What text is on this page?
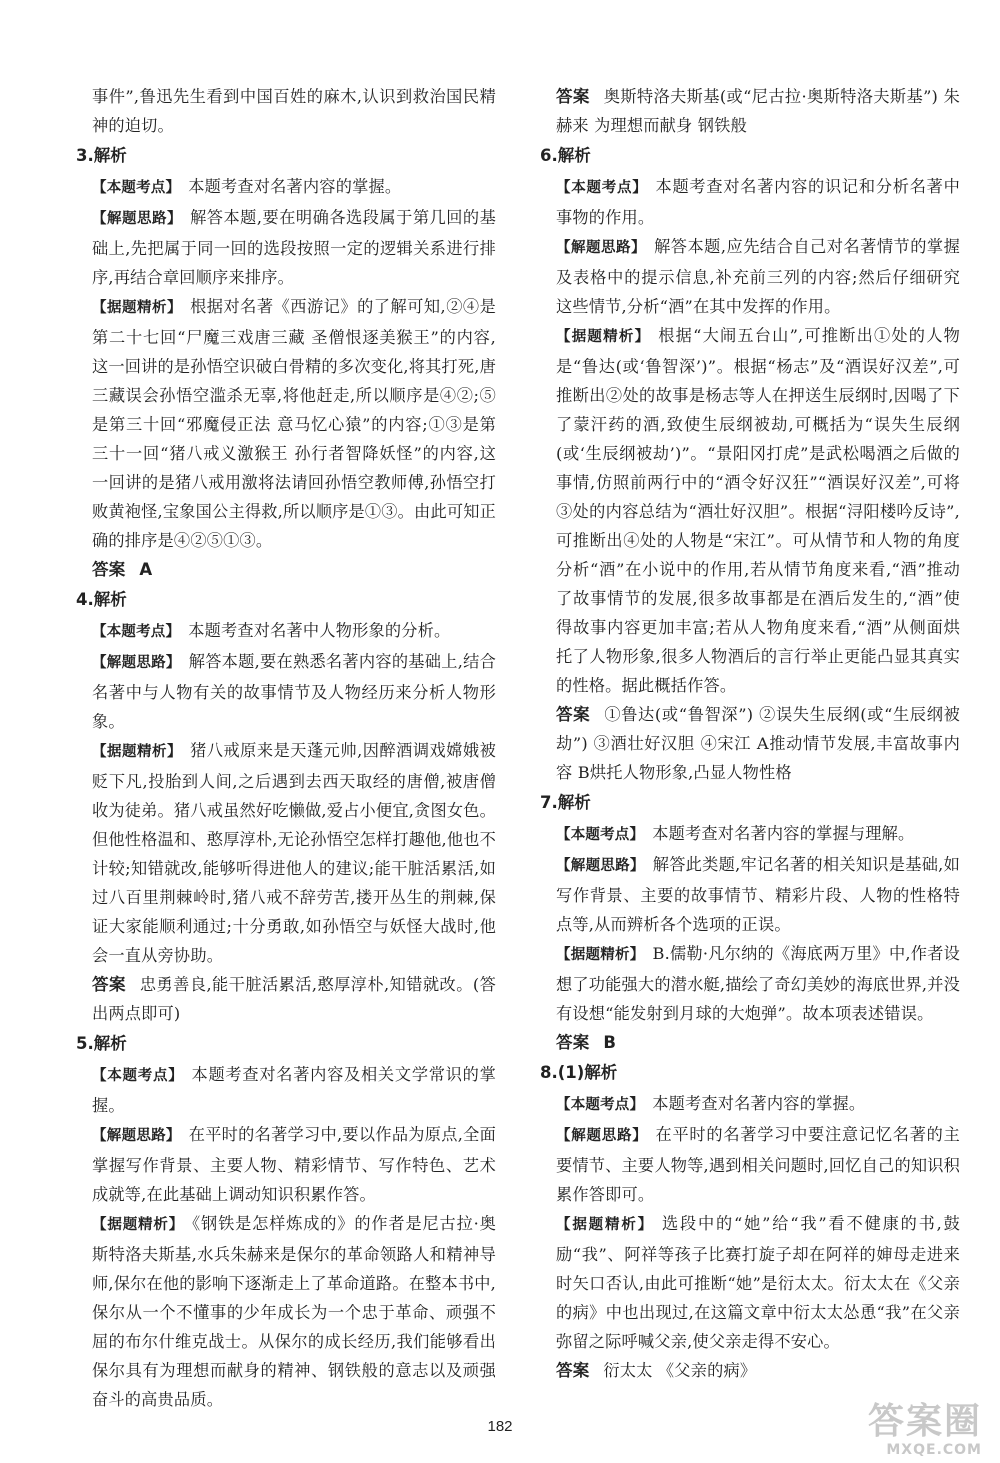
事件”,鲁迅先生看到中国百姓的麻木,认识到救治国民精神的迫切。

3.解析

【本题考点】 本题考查对名著内容的掌握。

【解题思路】 解答本题,要在明确各选段属于第几回的基础上,先把属于同一回的选段按照一定的逻辑关系进行排序,再结合章回顺序来排序。

【据题精析】 根据对名著《西游记》的了解可知,②④是第二十七回“尸魔三戏唐三藏 圣僧恨逐美猴王”的内容,这一回讲的是孙悟空识破白骨精的多次变化,将其打死,唐三藏误会孙悟空滥杀无辜,将他赶走,所以顺序是④②;⑤是第三十回“邪魔侵正法 意马忆心猿”的内容;①③是第三十一回“猪八戒义激猴王 孙行者智降妖怪”的内容,这一回讲的是猪八戒用激将法请回孙悟空教师傅,孙悟空打败黄袍怪,宝象国公主得救,所以顺序是①③。由此可知正确的排序是④②⑤①③。

答案 A

4.解析

【本题考点】 本题考查对名著中人物形象的分析。

【解题思路】 解答本题,要在熟悉名著内容的基础上,结合名著中与人物有关的故事情节及人物经历来分析人物形象。

【据题精析】 猪八戒原来是天蓬元帅,因醉酒调戏嫦娥被贬下凡,投胎到人间,之后遇到去西天取经的唐僧,被唐僧收为徒弟。猪八戒虽然好吃懒做,爱占小便宜,贪图女色。但他性格温和、憨厚淳朴,无论孙悟空怎样打趣他,他也不计较;知错就改,能够听得进他人的建议;能干脏活累活,如过八百里荆棘岭时,猪八戒不辞劳苦,搂开丛生的荆棘,保证大家能顺利通过;十分勇敢,如孙悟空与妖怪大战时,他会一直从旁协助。

答案 忠勇善良,能干脏活累活,憨厚淳朴,知错就改。(答出两点即可)

5.解析

【本题考点】 本题考查对名著内容及相关文学常识的掌握。

【解题思路】 在平时的名著学习中,要以作品为原点,全面掌握写作背景、主要人物、精彩情节、写作特色、艺术成就等,在此基础上调动知识积累作答。

【据题精析】 《钢铁是怎样炼成的》的作者是尼古拉·奥斯特洛夫斯基,水兵朱赫来是保尔的革命领路人和精神导师,保尔在他的影响下逐渐走上了革命道路。在整本书中,保尔从一个不懂事的少年成长为一个忠于革命、顽强不屈的布尔什维克战士。从保尔的成长经历,我们能够看出保尔具有为理想而献身的精神、钢铁般的意志以及顽强奋斗的高贵品质。

答案 奥斯特洛夫斯基(或“尼古拉·奥斯特洛夫斯基”) 朱赫来 为理想而献身 钢铁般

6.解析

【本题考点】 本题考查对名著内容的识记和分析名著中事物的作用。

【解题思路】 解答本题,应先结合自己对名著情节的掌握及表格中的提示信息,补充前三列的内容;然后仔细研究这些情节,分析“酒”在其中发挥的作用。

【据题精析】 根据“大闹五台山”,可推断出①处的人物是“鲁达(或‘鲁智深’)”。根据“杨志”及“酒误好汉差”,可推断出②处的故事是杨志等人在押送生辰纲时,因喝了下了蒙汗药的酒,致使生辰纲被劫,可概括为“误失生辰纲(或‘生辰纲被劫’)”。“景阳冈打虎”是武松喝酒之后做的事情,仿照前两行中的“酒令好汉狂”“酒误好汉差”,可将③处的内容总结为“酒壮好汉胆”。根据“浔阳楼吟反诗”,可推断出④处的人物是“宋江”。可从情节和人物的角度分析“酒”在小说中的作用,若从情节角度来看,“酒”推动了故事情节的发展,很多故事都是在酒后发生的,“酒”使得故事内容更加丰富;若从人物角度来看,“酒”从侧面烘托了人物形象,很多人物酒后的言行举止更能凸显其真实的性格。据此概括作答。

答案 ①鲁达(或“鲁智深”) ②误失生辰纲(或“生辰纲被劫”) ③酒壮好汉胆 ④宋江 A推动情节发展,丰富故事内容 B烘托人物形象,凸显人物性格

7.解析

【本题考点】 本题考查对名著内容的掌握与理解。

【解题思路】 解答此类题,牢记名著的相关知识是基础,如写作背景、主要的故事情节、精彩片段、人物的性格特点等,从而辨析各个选项的正误。

【据题精析】 B.儒勒·凡尔纳的《海底两万里》中,作者设想了功能强大的潜水艇,描绘了奇幻美妙的海底世界,并没有设想“能发射到月球的大炮弹”。故本项表述错误。

答案 B

8.(1)解析

【本题考点】 本题考查对名著内容的掌握。

【解题思路】 在平时的名著学习中要注意记忆名著的主要情节、主要人物等,遇到相关问题时,回忆自己的知识积累作答即可。

【据题精析】 选段中的“她”给“我”看不健康的书,鼓励“我”、阿祥等孩子比赛打旋子却在阿祥的婶母走进来时矢口否认,由此可推断“她”是衍太太。衍太太在《父亲的病》中也出现过,在这篇文章中衍太太怂恿“我”在父亲弥留之际呼喊父亲,使父亲走得不安心。

答案 衍太太 《父亲的病》

182	答案圈
MXQE.COM
